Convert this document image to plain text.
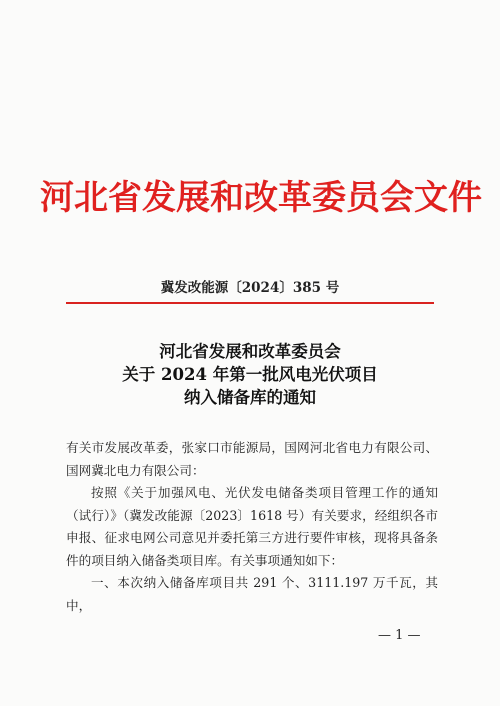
河北省发展和改革委员会文件
冀发改能源〔2024〕385 号
河北省发展和改革委员会
关于 2024 年第一批风电光伏项目
纳入储备库的通知

有关市发展改革委，张家口市能源局，国网河北省电力有限公司、国网冀北电力有限公司：

按照《关于加强风电、光伏发电储备类项目管理工作的通知（试行）》（冀发改能源〔2023〕1618 号）有关要求，经组织各市申报、征求电网公司意见并委托第三方进行要件审核，现将具备条件的项目纳入储备类项目库。有关事项通知如下：

一、本次纳入储备库项目共 291 个、3111.197 万千瓦，其中，

— 1 —
